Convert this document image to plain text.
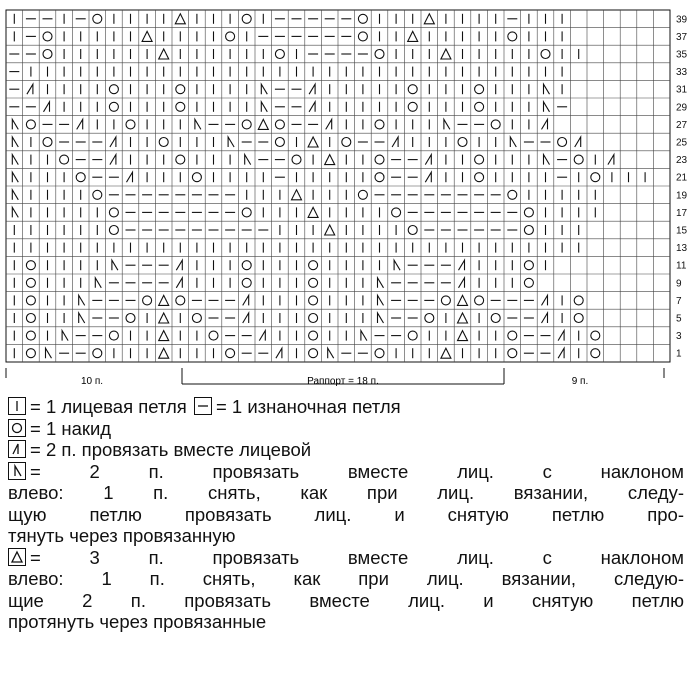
39
37
35
33
31
29
27
25
23
21
19
17
15
13
11
9
7
5
3
1
10 п.	Раппорт = 18 п.	9 п.
= 1 лицевая петля = 1 изнаночная петля
= 1 накид
= 2 п. провязать вместе лицевой
= 2 п. провязать вместе лиц. с наклоном
влево: 1 п. снять, как при лиц. вязании, следу-
щую петлю провязать лиц. и снятую петлю про-
тянуть через провязанную
= 3 п. провязать вместе лиц. с наклоном
влево: 1 п. снять, как при лиц. вязании, следую-
щие 2 п. провязать вместе лиц. и снятую петлю
протянуть через провязанные
